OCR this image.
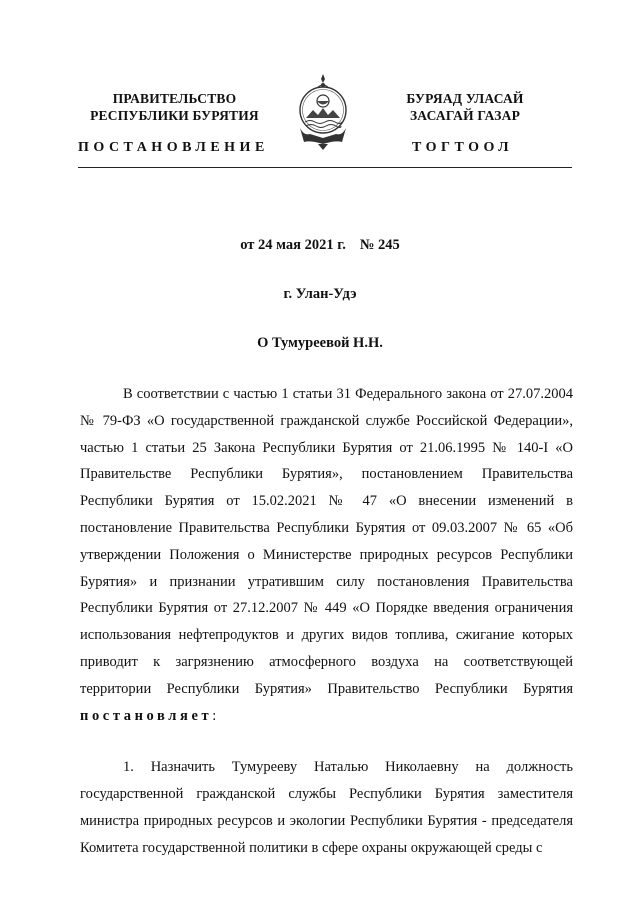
ПРАВИТЕЛЬСТВО
РЕСПУБЛИКИ БУРЯТИЯ
БУРЯАД УЛАСАЙ
ЗАСАГАЙ ГАЗАР
ПОСТАНОВЛЕНИЕ	ТОГТООЛ
от 24 мая 2021 г. № 245
г. Улан-Удэ
О Тумуреевой Н.Н.

В соответствии с частью 1 статьи 31 Федерального закона от 27.07.2004 № 79-ФЗ «О государственной гражданской службе Российской Федерации», частью 1 статьи 25 Закона Республики Бурятия от 21.06.1995 № 140-I «О Правительстве Республики Бурятия», постановлением Правительства Республики Бурятия от 15.02.2021 № 47 «О внесении изменений в постановление Правительства Республики Бурятия от 09.03.2007 № 65 «Об утверждении Положения о Министерстве природных ресурсов Республики Бурятия» и признании утратившим силу постановления Правительства Республики Бурятия от 27.12.2007 № 449 «О Порядке введения ограничения использования нефтепродуктов и других видов топлива, сжигание которых приводит к загрязнению атмосферного воздуха на соответствующей территории Республики Бурятия» Правительство Республики Бурятия постановляет:

1. Назначить Тумурееву Наталью Николаевну на должность государственной гражданской службы Республики Бурятия заместителя министра природных ресурсов и экологии Республики Бурятия - председателя Комитета государственной политики в сфере охраны окружающей среды с
